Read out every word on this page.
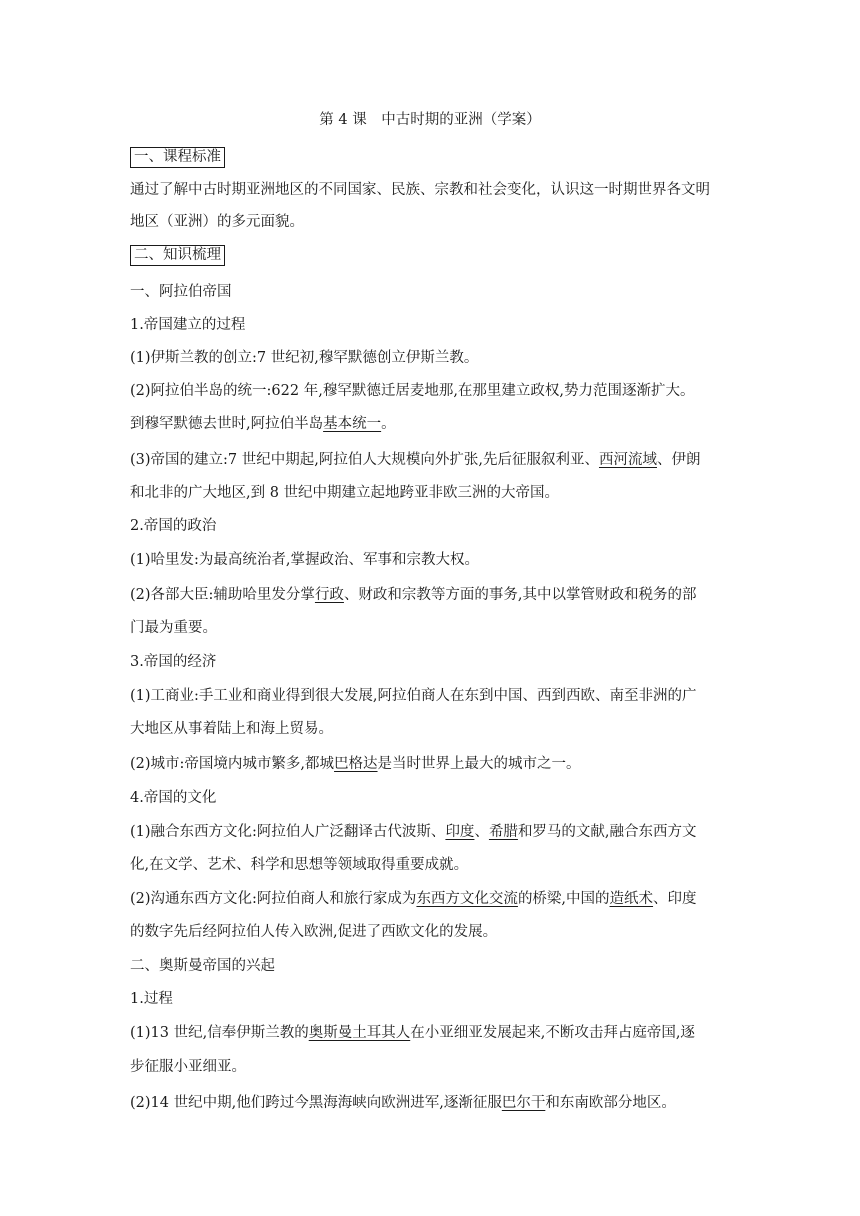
第 4 课　中古时期的亚洲（学案）
一、课程标准
通过了解中古时期亚洲地区的不同国家、民族、宗教和社会变化，认识这一时期世界各文明
地区（亚洲）的多元面貌。
二、知识梳理
一、阿拉伯帝国
1.帝国建立的过程
(1)伊斯兰教的创立:7 世纪初,穆罕默德创立伊斯兰教。
(2)阿拉伯半岛的统一:622 年,穆罕默德迁居麦地那,在那里建立政权,势力范围逐渐扩大。
到穆罕默德去世时,阿拉伯半岛基本统一。
(3)帝国的建立:7 世纪中期起,阿拉伯人大规模向外扩张,先后征服叙利亚、西河流域、伊朗
和北非的广大地区,到 8 世纪中期建立起地跨亚非欧三洲的大帝国。
2.帝国的政治
(1)哈里发:为最高统治者,掌握政治、军事和宗教大权。
(2)各部大臣:辅助哈里发分掌行政、财政和宗教等方面的事务,其中以掌管财政和税务的部
门最为重要。
3.帝国的经济
(1)工商业:手工业和商业得到很大发展,阿拉伯商人在东到中国、西到西欧、南至非洲的广
大地区从事着陆上和海上贸易。
(2)城市:帝国境内城市繁多,都城巴格达是当时世界上最大的城市之一。
4.帝国的文化
(1)融合东西方文化:阿拉伯人广泛翻译古代波斯、印度、希腊和罗马的文献,融合东西方文
化,在文学、艺术、科学和思想等领域取得重要成就。
(2)沟通东西方文化:阿拉伯商人和旅行家成为东西方文化交流的桥梁,中国的造纸术、印度
的数字先后经阿拉伯人传入欧洲,促进了西欧文化的发展。
二、奥斯曼帝国的兴起
1.过程
(1)13 世纪,信奉伊斯兰教的奥斯曼土耳其人在小亚细亚发展起来,不断攻击拜占庭帝国,逐
步征服小亚细亚。
(2)14 世纪中期,他们跨过今黑海海峡向欧洲进军,逐渐征服巴尔干和东南欧部分地区。
